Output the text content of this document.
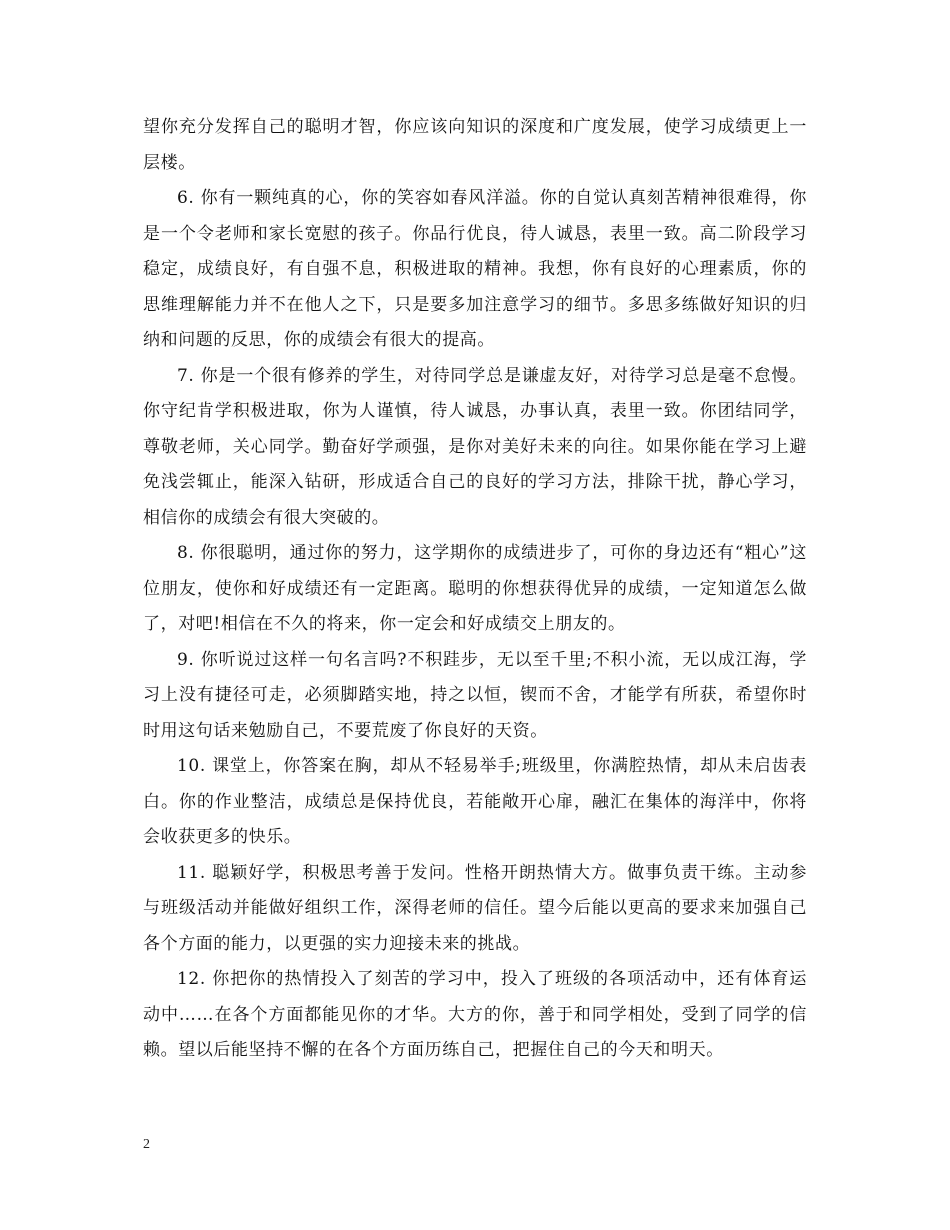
望你充分发挥自己的聪明才智，你应该向知识的深度和广度发展，使学习成绩更上一层楼。

6. 你有一颗纯真的心，你的笑容如春风洋溢。你的自觉认真刻苦精神很难得，你是一个令老师和家长宽慰的孩子。你品行优良，待人诚恳，表里一致。高二阶段学习稳定，成绩良好，有自强不息，积极进取的精神。我想，你有良好的心理素质，你的思维理解能力并不在他人之下，只是要多加注意学习的细节。多思多练做好知识的归纳和问题的反思，你的成绩会有很大的提高。

7. 你是一个很有修养的学生，对待同学总是谦虚友好，对待学习总是毫不怠慢。你守纪肯学积极进取，你为人谨慎，待人诚恳，办事认真，表里一致。你团结同学，尊敬老师，关心同学。勤奋好学顽强，是你对美好未来的向往。如果你能在学习上避免浅尝辄止，能深入钻研，形成适合自己的良好的学习方法，排除干扰，静心学习，相信你的成绩会有很大突破的。

8. 你很聪明，通过你的努力，这学期你的成绩进步了，可你的身边还有“粗心”这位朋友，使你和好成绩还有一定距离。聪明的你想获得优异的成绩，一定知道怎么做了，对吧!相信在不久的将来，你一定会和好成绩交上朋友的。

9. 你听说过这样一句名言吗?不积跬步，无以至千里;不积小流，无以成江海，学习上没有捷径可走，必须脚踏实地，持之以恒，锲而不舍，才能学有所获，希望你时时用这句话来勉励自己，不要荒废了你良好的天资。

10. 课堂上，你答案在胸，却从不轻易举手;班级里，你满腔热情，却从未启齿表白。你的作业整洁，成绩总是保持优良，若能敞开心扉，融汇在集体的海洋中，你将会收获更多的快乐。

11. 聪颖好学，积极思考善于发问。性格开朗热情大方。做事负责干练。主动参与班级活动并能做好组织工作，深得老师的信任。望今后能以更高的要求来加强自己各个方面的能力，以更强的实力迎接未来的挑战。

12. 你把你的热情投入了刻苦的学习中，投入了班级的各项活动中，还有体育运动中……在各个方面都能见你的才华。大方的你，善于和同学相处，受到了同学的信赖。望以后能坚持不懈的在各个方面历练自己，把握住自己的今天和明天。

2
